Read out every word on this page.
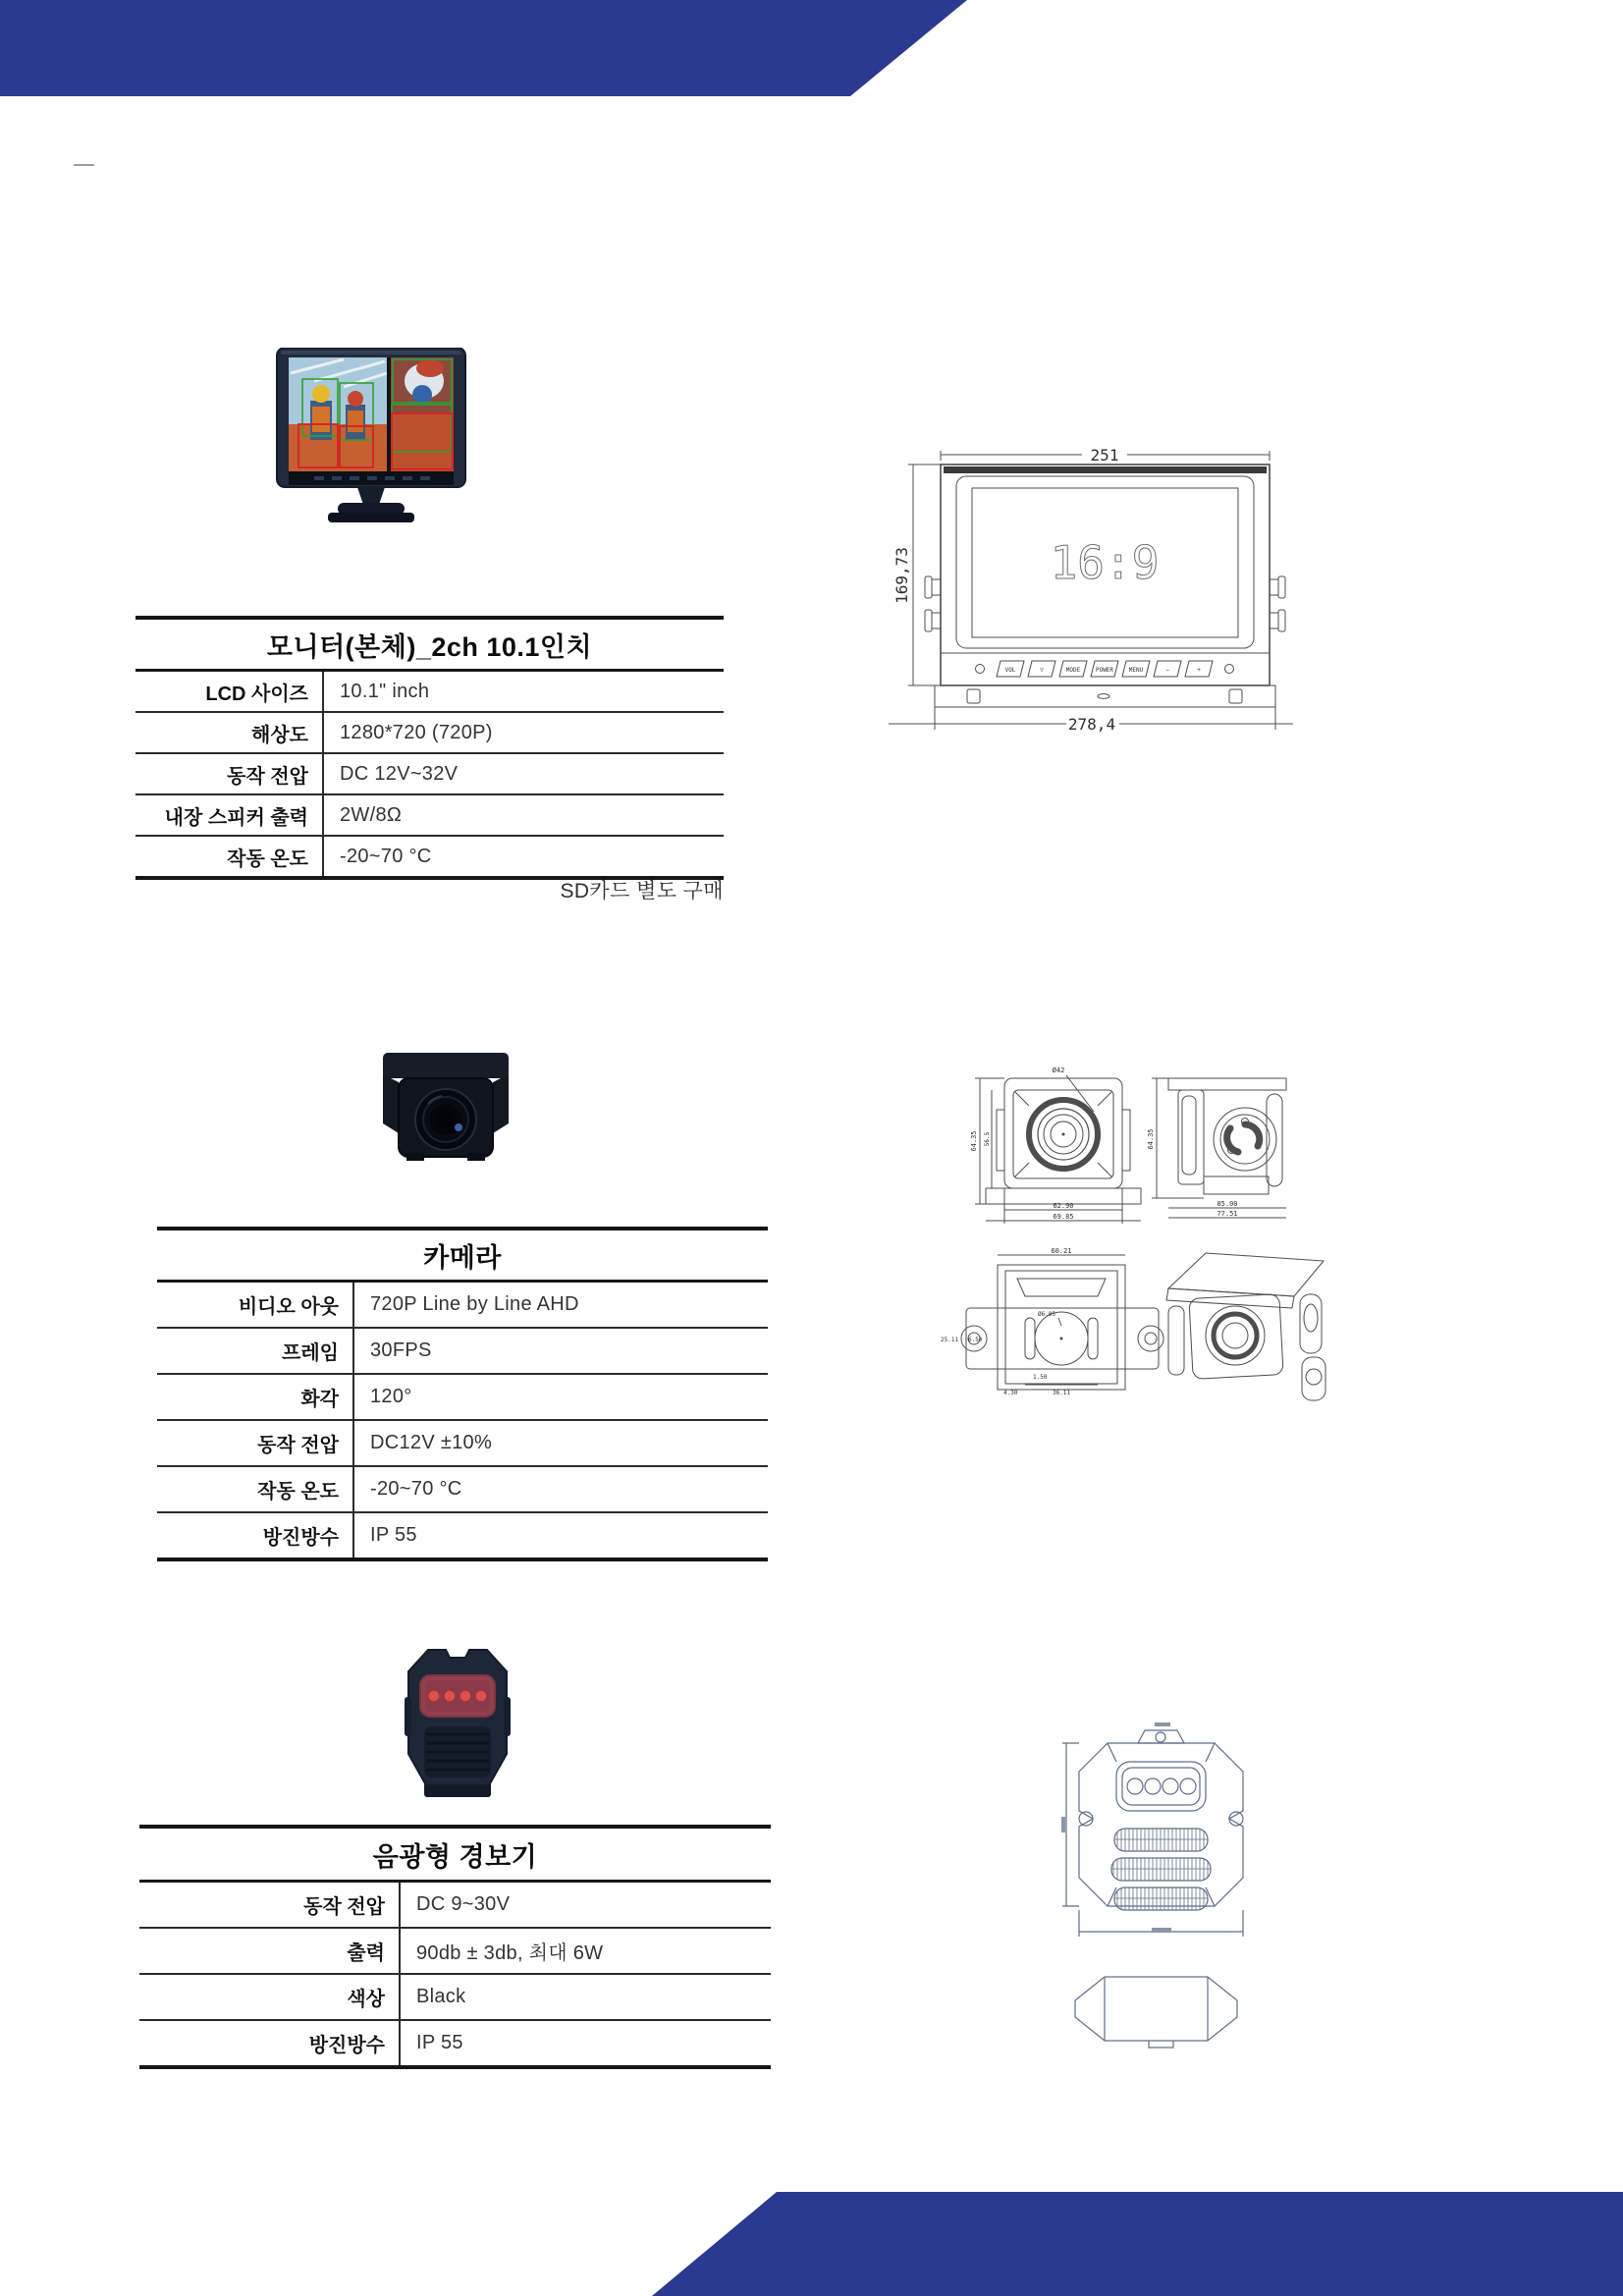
16:9
251
169,73
278,4
VOL	▽	MODE	POWER	MENU	−	+
모니터(본체)_2ch 10.1인치
LCD 사이즈	10.1" inch
해상도	1280*720 (720P)
동작 전압	DC 12V~32V
내장 스피커 출력	2W/8Ω
작동 온도	-20~70 °C
SD카드 별도 구매
Ø42
64.35 56.5
62.90
69.85
64.35
85.00
77.51
60.21
Ø6.05
25.11 6.50
1.50
36.11
4.30
카메라
비디오 아웃	720P Line by Line AHD
프레임	30FPS
화각	120°
동작 전압	DC12V ±10%
작동 온도	-20~70 °C
방진방수	IP 55
음광형 경보기
동작 전압	DC 9~30V
출력	90db ± 3db, 최대 6W
색상	Black
방진방수	IP 55
